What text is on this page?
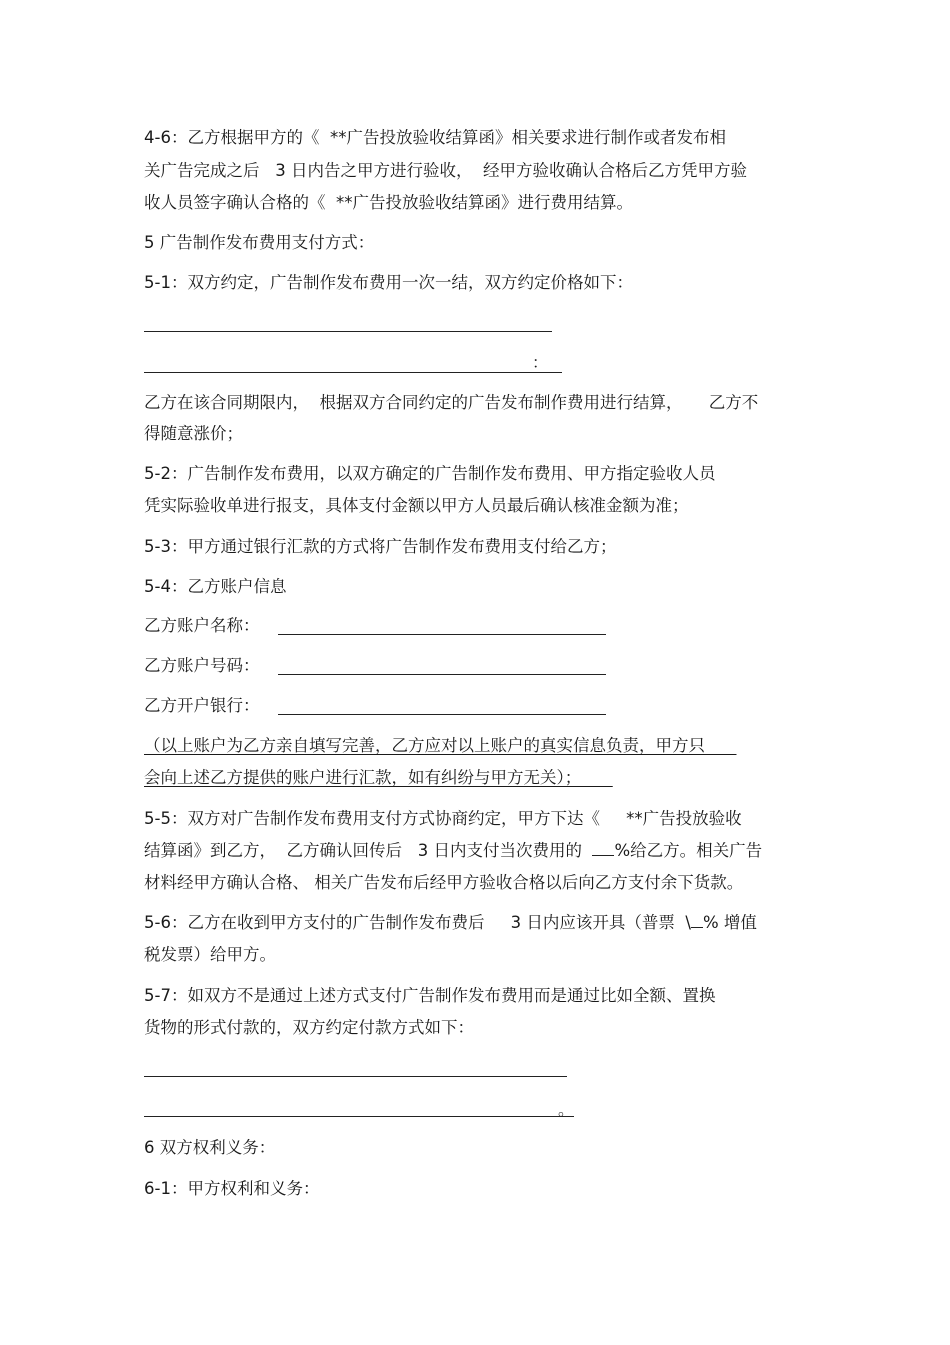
4-6：乙方根据甲方的《  **广告投放验收结算函》相关要求进行制作或者发布相
关广告完成之后   3 日内告之甲方进行验收，  经甲方验收确认合格后乙方凭甲方验
收人员签字确认合格的《  **广告投放验收结算函》进行费用结算。
5 广告制作发布费用支付方式：
5-1：双方约定，广告制作发布费用一次一结，双方约定价格如下：
：
乙方在该合同期限内，  根据双方合同约定的广告发布制作费用进行结算，     乙方不
得随意涨价；
5-2：广告制作发布费用，以双方确定的广告制作发布费用、甲方指定验收人员
凭实际验收单进行报支，具体支付金额以甲方人员最后确认核准金额为准；
5-3：甲方通过银行汇款的方式将广告制作发布费用支付给乙方；
5-4：乙方账户信息
乙方账户名称：
乙方账户号码：
乙方开户银行：
（以上账户为乙方亲自填写完善，乙方应对以上账户的真实信息负责，甲方只
会向上述乙方提供的账户进行汇款，如有纠纷与甲方无关）；
5-5：双方对广告制作发布费用支付方式协商约定，甲方下达《     **广告投放验收
结算函》到乙方，  乙方确认回传后   3 日内支付当次费用的  %给乙方。相关广告
材料经甲方确认合格、 相关广告发布后经甲方验收合格以后向乙方支付余下货款。
5-6：乙方在收到甲方支付的广告制作发布费后     3 日内应该开具（普票  \ % 增值
税发票）给甲方。
5-7：如双方不是通过上述方式支付广告制作发布费用而是通过比如全额、置换
货物的形式付款的，双方约定付款方式如下：
。
6 双方权利义务：
6-1：甲方权利和义务：
